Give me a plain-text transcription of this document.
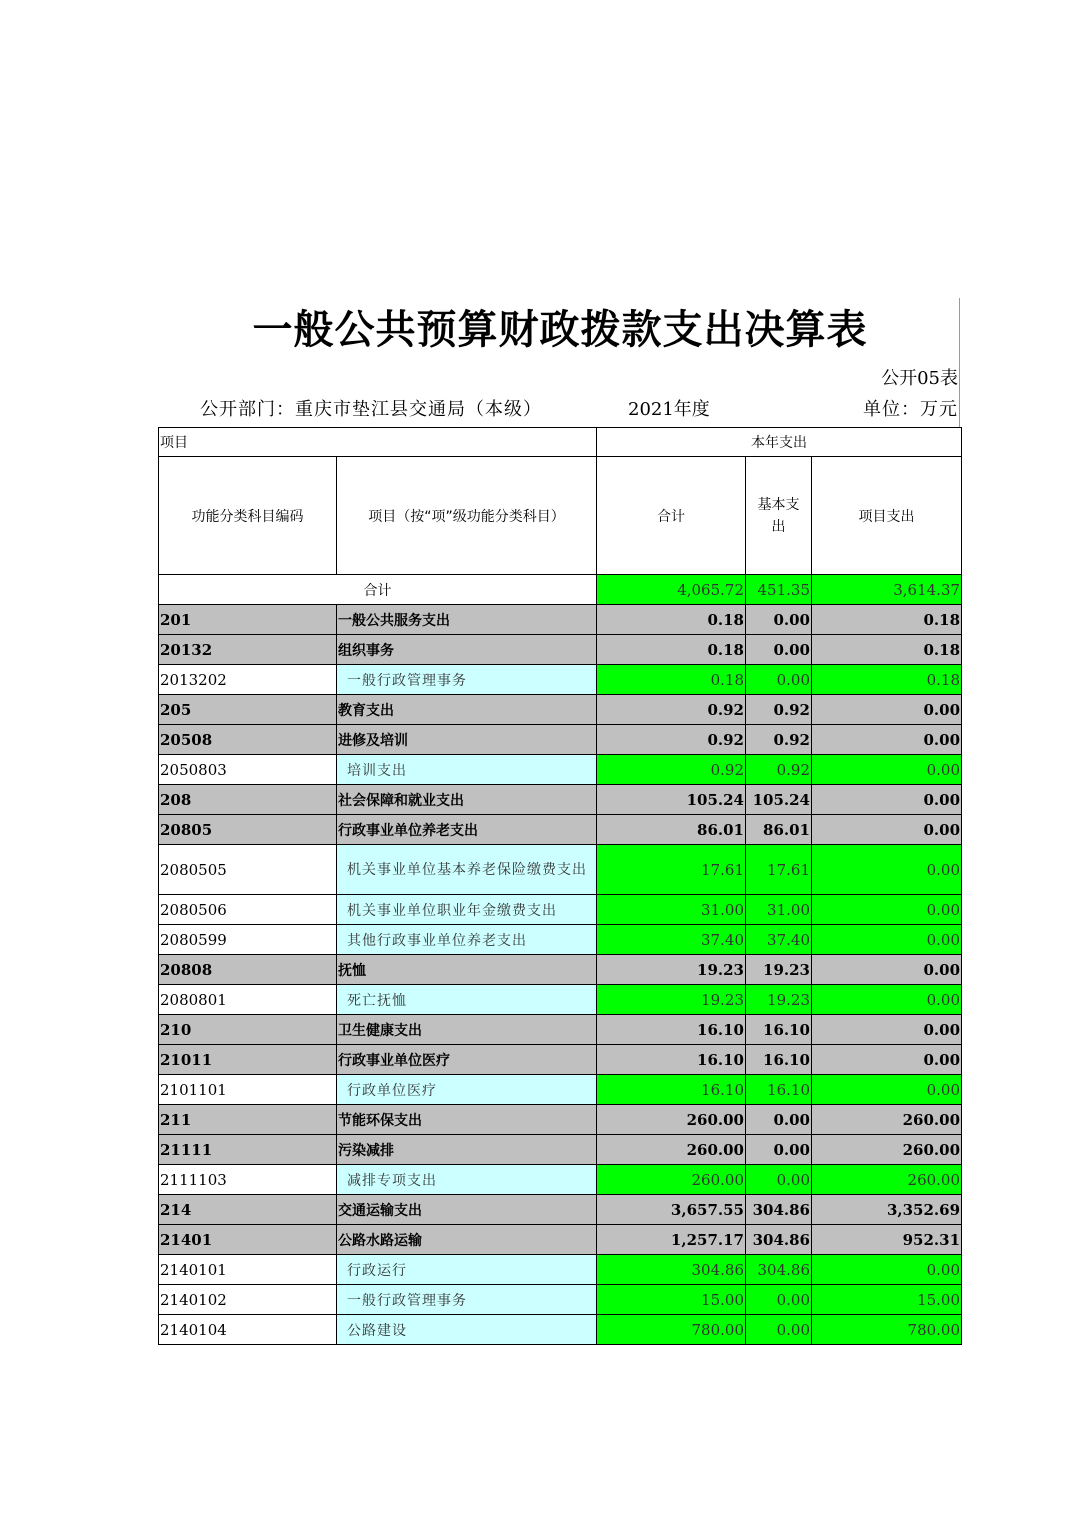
一般公共预算财政拨款支出决算表
公开05表
公开部门：重庆市垫江县交通局（本级）	2021年度	单位：万元
项目		本年支出		
功能分类科目编码	项目（按“项”级功能分类科目）	合计	基本支出	项目支出
合计		4,065.72	451.35	3,614.37
201	一般公共服务支出	0.18	0.00	0.18
20132	组织事务	0.18	0.00	0.18
2013202	一般行政管理事务	0.18	0.00	0.18
205	教育支出	0.92	0.92	0.00
20508	进修及培训	0.92	0.92	0.00
2050803	培训支出	0.92	0.92	0.00
208	社会保障和就业支出	105.24	105.24	0.00
20805	行政事业单位养老支出	86.01	86.01	0.00
2080505	机关事业单位基本养老保险缴费支出	17.61	17.61	0.00
2080506	机关事业单位职业年金缴费支出	31.00	31.00	0.00
2080599	其他行政事业单位养老支出	37.40	37.40	0.00
20808	抚恤	19.23	19.23	0.00
2080801	死亡抚恤	19.23	19.23	0.00
210	卫生健康支出	16.10	16.10	0.00
21011	行政事业单位医疗	16.10	16.10	0.00
2101101	行政单位医疗	16.10	16.10	0.00
211	节能环保支出	260.00	0.00	260.00
21111	污染减排	260.00	0.00	260.00
2111103	减排专项支出	260.00	0.00	260.00
214	交通运输支出	3,657.55	304.86	3,352.69
21401	公路水路运输	1,257.17	304.86	952.31
2140101	行政运行	304.86	304.86	0.00
2140102	一般行政管理事务	15.00	0.00	15.00
2140104	公路建设	780.00	0.00	780.00
